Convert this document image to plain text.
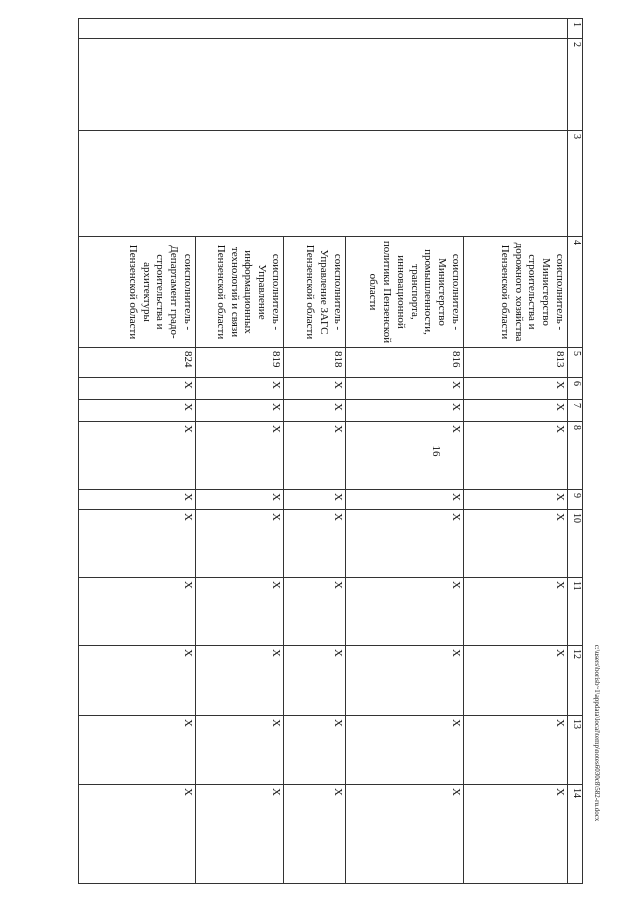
16
1	2	3	4	5	6	7	8	9	10	11	12	13	14
			соисполнитель - Министерство строительства и дорожного хозяйства Пензенской области	813	X	X	X	X	X	X	X	X	X
			соисполнитель - Министерство промышленности, транспорта, инновационной политики Пензенской области	816	X	X	X	X	X	X	X	X	X
			соисполнитель - Управление ЗАГС Пензенской области	818	X	X	X	X	X	X	X	X	X
			соисполнитель - Управление информационных технологий и связи Пензенской области	819	X	X	X	X	X	X	X	X	X
			соисполнитель - Департамент градо-строительства и архитектуры Пензенской области	824	X	X	X	X	X	X	X	X	X	c:\users\borisb~1\appdata\local\temp\notes6030c8\582-ru.docx
